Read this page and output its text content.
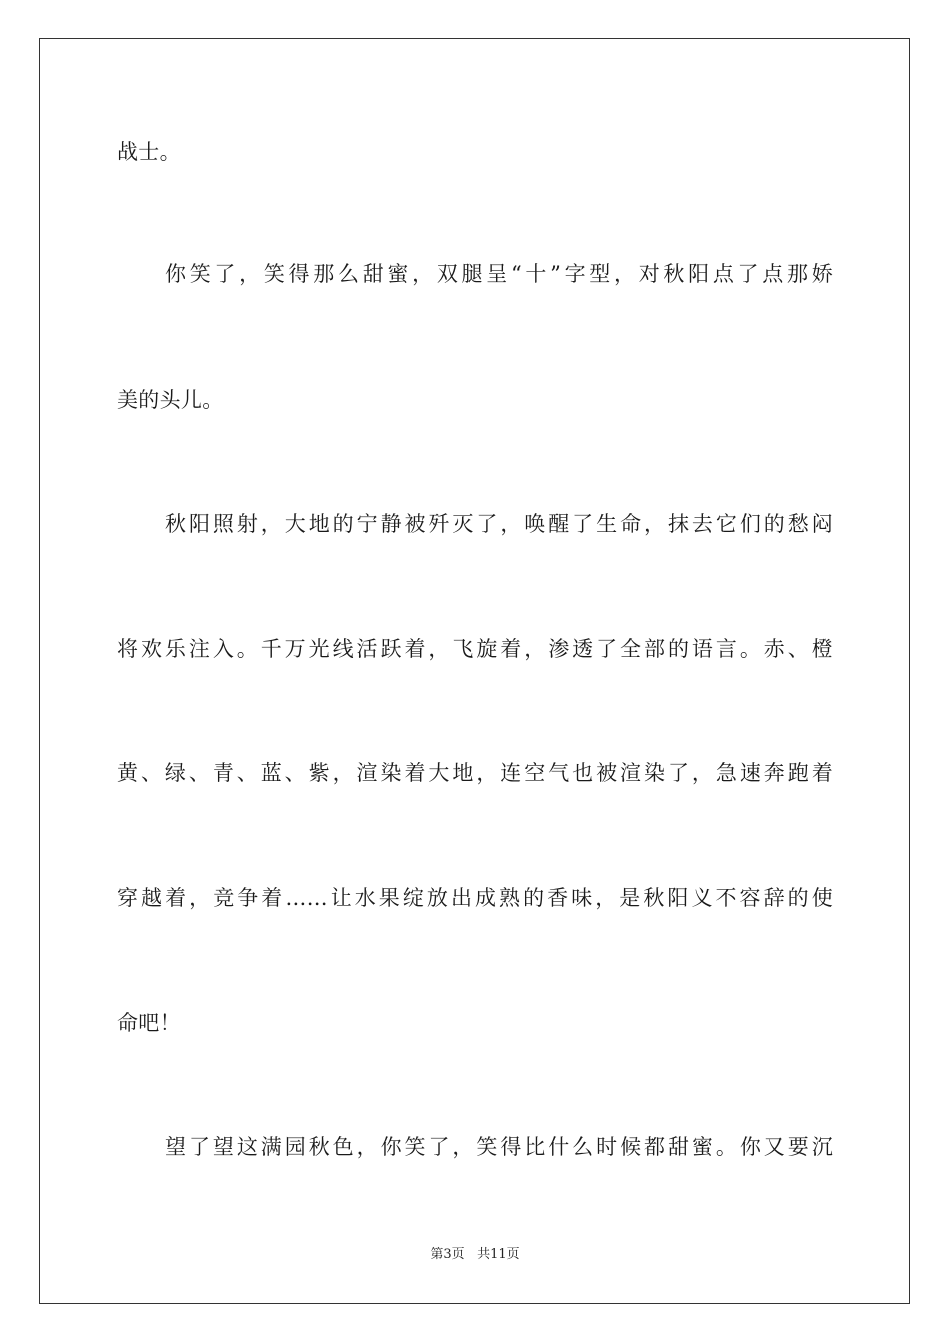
战士。
你笑了，笑得那么甜蜜，双腿呈“十”字型，对秋阳点了点那娇
美的头儿。
秋阳照射，大地的宁静被歼灭了，唤醒了生命，抹去它们的愁闷
将欢乐注入。千万光线活跃着，飞旋着，渗透了全部的语言。赤、橙
黄、绿、青、蓝、紫，渲染着大地，连空气也被渲染了，急速奔跑着
穿越着，竞争着……让水果绽放出成熟的香味，是秋阳义不容辞的使
命吧！
望了望这满园秋色，你笑了，笑得比什么时候都甜蜜。你又要沉
第3页 共11页
